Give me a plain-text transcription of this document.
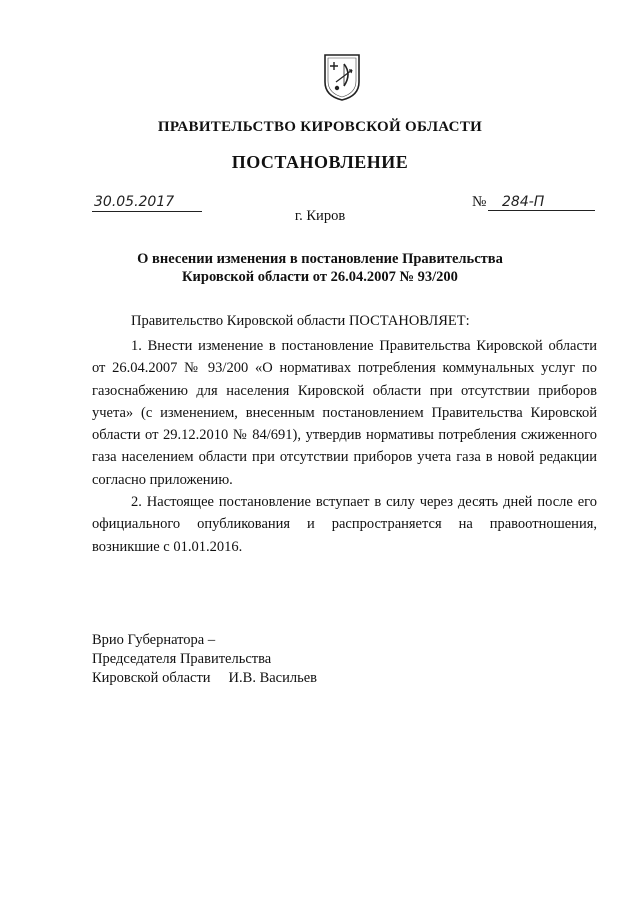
ПРАВИТЕЛЬСТВО КИРОВСКОЙ ОБЛАСТИ
ПОСТАНОВЛЕНИЕ
30.05.2017	№	284-П
г. Киров
О внесении изменения в постановление Правительства
Кировской области от 26.04.2007 № 93/200
Правительство Кировской области ПОСТАНОВЛЯЕТ:

1. Внести изменение в постановление Правительства Кировской области от 26.04.2007 № 93/200 «О нормативах потребления коммунальных услуг по газоснабжению для населения Кировской области при отсутствии приборов учета» (с изменением, внесенным постановлением Правительства Кировской области от 29.12.2010 № 84/691), утвердив нормативы потребления сжиженного газа населением области при отсутствии приборов учета газа в новой редакции согласно приложению.

2. Настоящее постановление вступает в силу через десять дней после его официального опубликования и распространяется на правоотношения, возникшие с 01.01.2016.

Врио Губернатора –
Председателя Правительства
Кировской области И.В. Васильев
